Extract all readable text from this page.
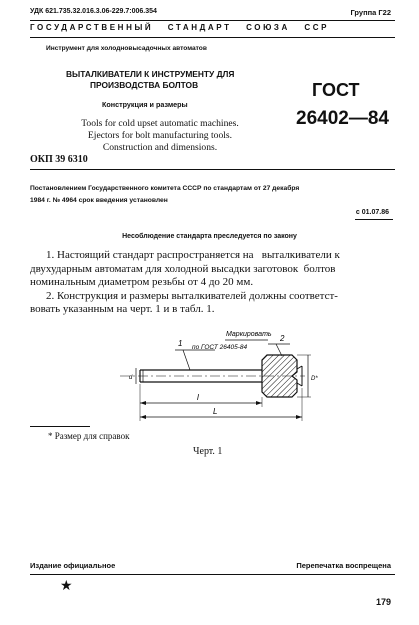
УДК 621.735.32.016.3.06-229.7:006.354	Группа Г22
ГОСУДАРСТВЕННЫЙ   СТАНДАРТ   СОЮЗА   ССР
Инструмент для холодновысадочных автоматов
ВЫТАЛКИВАТЕЛИ К ИНСТРУМЕНТУ ДЛЯ
ПРОИЗВОДСТВА БОЛТОВ
Конструкция и размеры
Tools for cold upset automatic machines.
Ejectors for bolt manufacturing tools.
Construction and dimensions.
ГОСТ
26402—84
ОКП 39 6310
Постановлением Государственного комитета СССР по стандартам от 27 декабря
1984 г. № 4964 срок введения установлен
с 01.07.86
Несоблюдение стандарта преследуется по закону
1. Настоящий стандарт распространяется на   выталкиватели к
двухударным автоматам для холодной высадки заготовок  болтов
номинальным диаметром резьбы от 4 до 20 мм.
2. Конструкция и размеры выталкивателей должны соответст-
вовать указанным на черт. 1 и в табл. 1.
Маркировать
по ГОСТ 26405-84
1
2
d	D*
l
L
* Размер для справок
Черт. 1
Издание официальное	Перепечатка воспрещена
★
179
